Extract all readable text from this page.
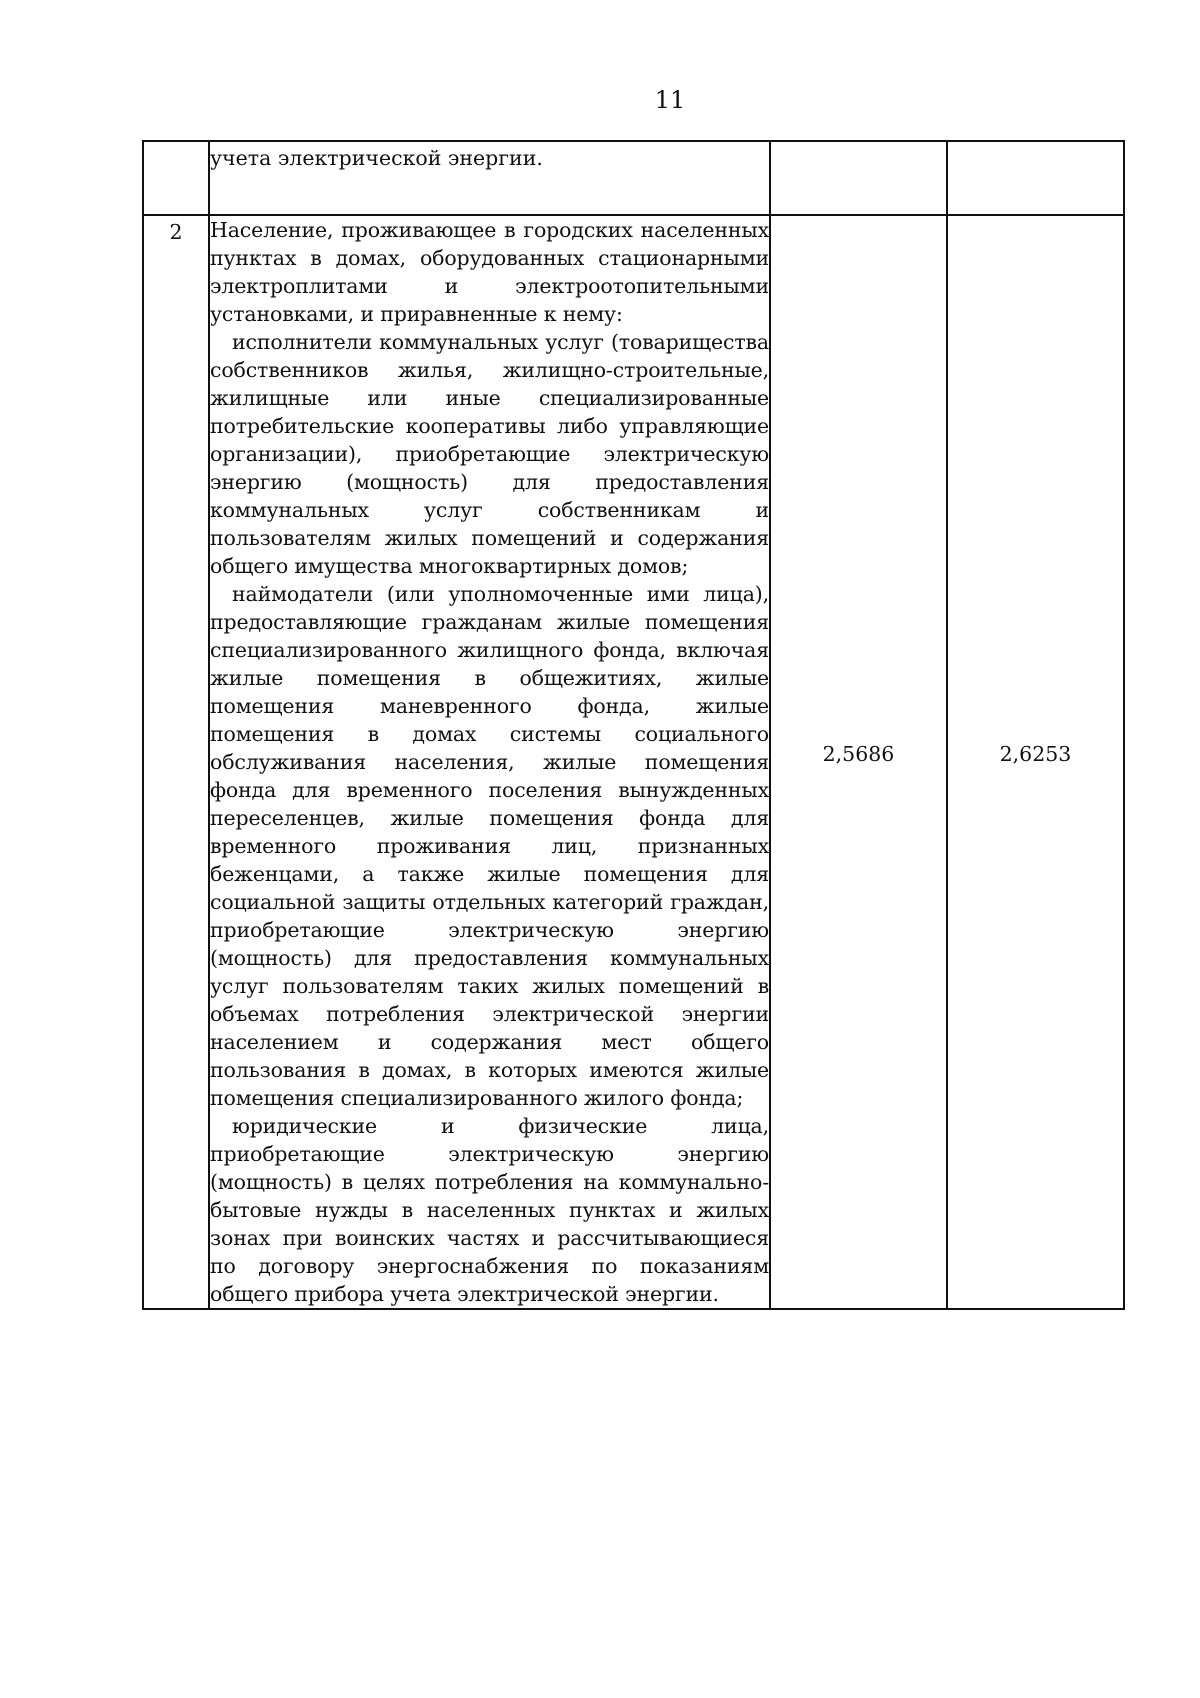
11

	учета электрической энергии.		

2	Население, проживающее в городских населенных пунктах в домах, оборудованных стационарными электроплитами и электроотопительными установками, и приравненные к нему:

исполнители коммунальных услуг (товарищества собственников жилья, жилищно-строительные, жилищные или иные специализированные потребительские кооперативы либо управляющие организации), приобретающие электрическую энергию (мощность) для предоставления коммунальных услуг собственникам и пользователям жилых помещений и содержания общего имущества многоквартирных домов;

наймодатели (или уполномоченные ими лица), предоставляющие гражданам жилые помещения специализированного жилищного фонда, включая жилые помещения в общежитиях, жилые помещения маневренного фонда, жилые помещения в домах системы социального обслуживания населения, жилые помещения фонда для временного поселения вынужденных переселенцев, жилые помещения фонда для временного проживания лиц, признанных беженцами, а также жилые помещения для социальной защиты отдельных категорий граждан, приобретающие электрическую энергию (мощность) для предоставления коммунальных услуг пользователям таких жилых помещений в объемах потребления электрической энергии населением и содержания мест общего пользования в домах, в которых имеются жилые помещения специализированного жилого фонда;

юридические и физические лица, приобретающие электрическую энергию (мощность) в целях потребления на коммунально-бытовые нужды в населенных пунктах и жилых зонах при воинских частях и рассчитывающиеся по договору энергоснабжения по показаниям общего прибора учета электрической энергии.	2,5686	2,6253
